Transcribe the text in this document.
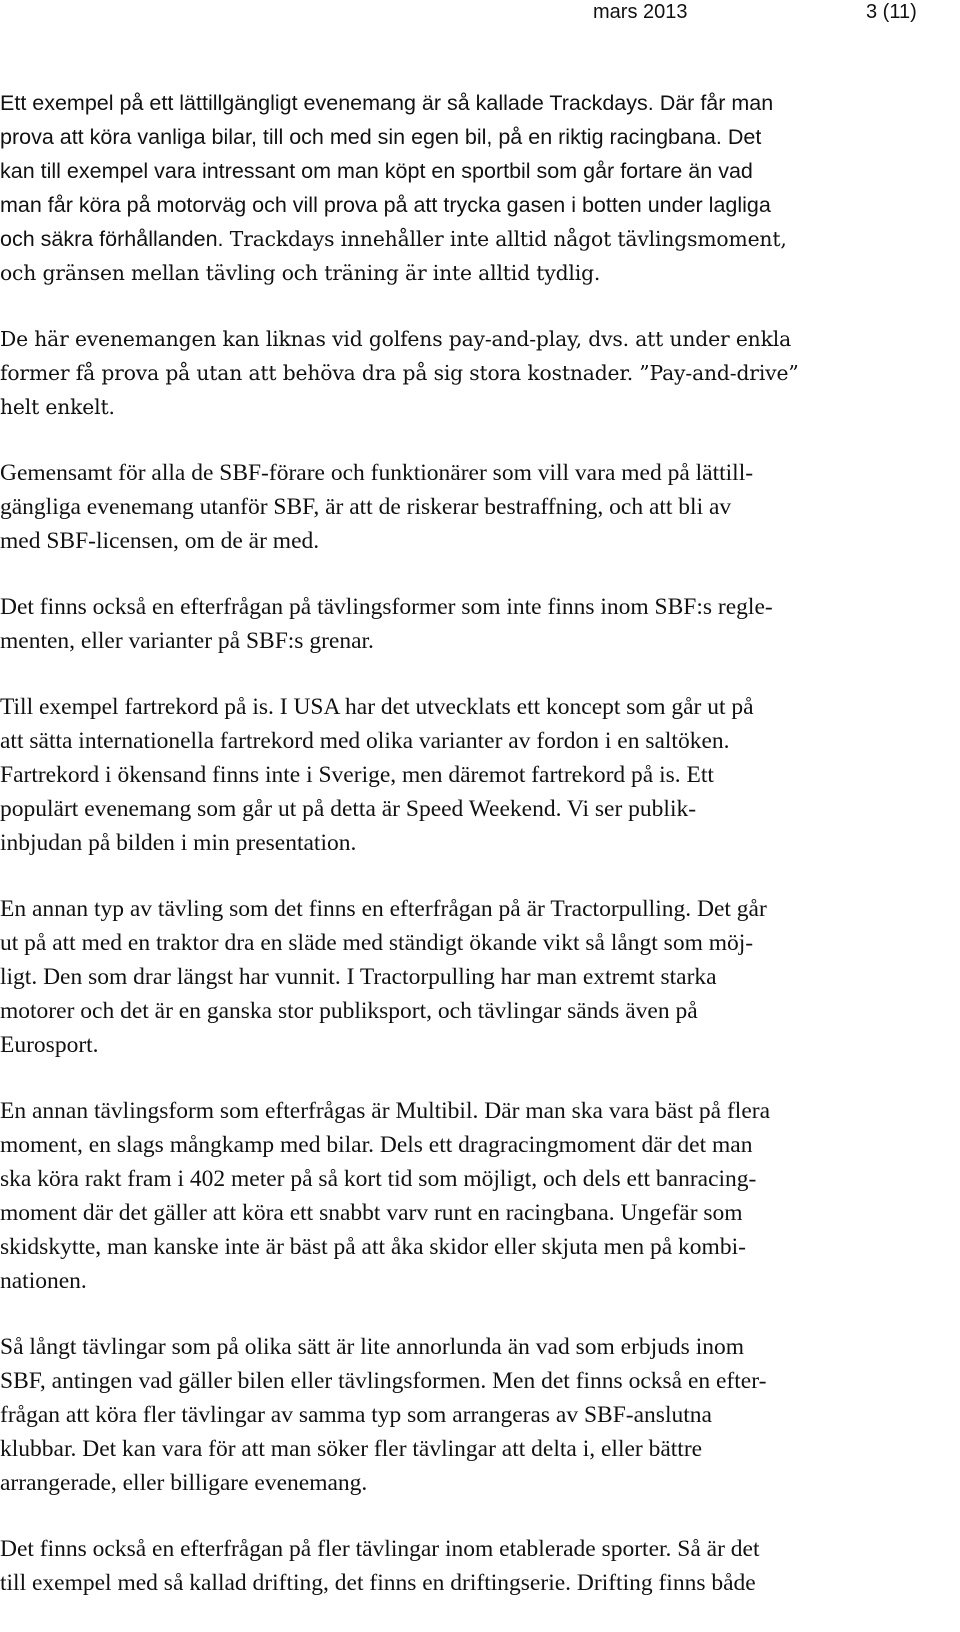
mars 2013	3 (11)

Ett exempel på ett lättillgängligt evenemang är så kallade Trackdays. Där får man
prova att köra vanliga bilar, till och med sin egen bil, på en riktig racingbana. Det
kan till exempel vara intressant om man köpt en sportbil som går fortare än vad
man får köra på motorväg och vill prova på att trycka gasen i botten under lagliga
och säkra förhållanden. Trackdays innehåller inte alltid något tävlingsmoment,
och gränsen mellan tävling och träning är inte alltid tydlig.

De här evenemangen kan liknas vid golfens pay-and-play, dvs. att under enkla
former få prova på utan att behöva dra på sig stora kostnader. ”Pay-and-drive”
helt enkelt.

Gemensamt för alla de SBF-förare och funktionärer som vill vara med på lättill-
gängliga evenemang utanför SBF, är att de riskerar bestraffning, och att bli av
med SBF-licensen, om de är med.

Det finns också en efterfrågan på tävlingsformer som inte finns inom SBF:s regle-
menten, eller varianter på SBF:s grenar.

Till exempel fartrekord på is. I USA har det utvecklats ett koncept som går ut på
att sätta internationella fartrekord med olika varianter av fordon i en saltöken.
Fartrekord i ökensand finns inte i Sverige, men däremot fartrekord på is. Ett
populärt evenemang som går ut på detta är Speed Weekend. Vi ser publik-
inbjudan på bilden i min presentation.

En annan typ av tävling som det finns en efterfrågan på är Tractorpulling. Det går
ut på att med en traktor dra en släde med ständigt ökande vikt så långt som möj-
ligt. Den som drar längst har vunnit. I Tractorpulling har man extremt starka
motorer och det är en ganska stor publiksport, och tävlingar sänds även på
Eurosport.

En annan tävlingsform som efterfrågas är Multibil. Där man ska vara bäst på flera
moment, en slags mångkamp med bilar. Dels ett dragracingmoment där det man
ska köra rakt fram i 402 meter på så kort tid som möjligt, och dels ett banracing-
moment där det gäller att köra ett snabbt varv runt en racingbana. Ungefär som
skidskytte, man kanske inte är bäst på att åka skidor eller skjuta men på kombi-
nationen.

Så långt tävlingar som på olika sätt är lite annorlunda än vad som erbjuds inom
SBF, antingen vad gäller bilen eller tävlingsformen. Men det finns också en efter-
frågan att köra fler tävlingar av samma typ som arrangeras av SBF-anslutna
klubbar. Det kan vara för att man söker fler tävlingar att delta i, eller bättre
arrangerade, eller billigare evenemang.

Det finns också en efterfrågan på fler tävlingar inom etablerade sporter. Så är det
till exempel med så kallad drifting, det finns en driftingserie. Drifting finns både
